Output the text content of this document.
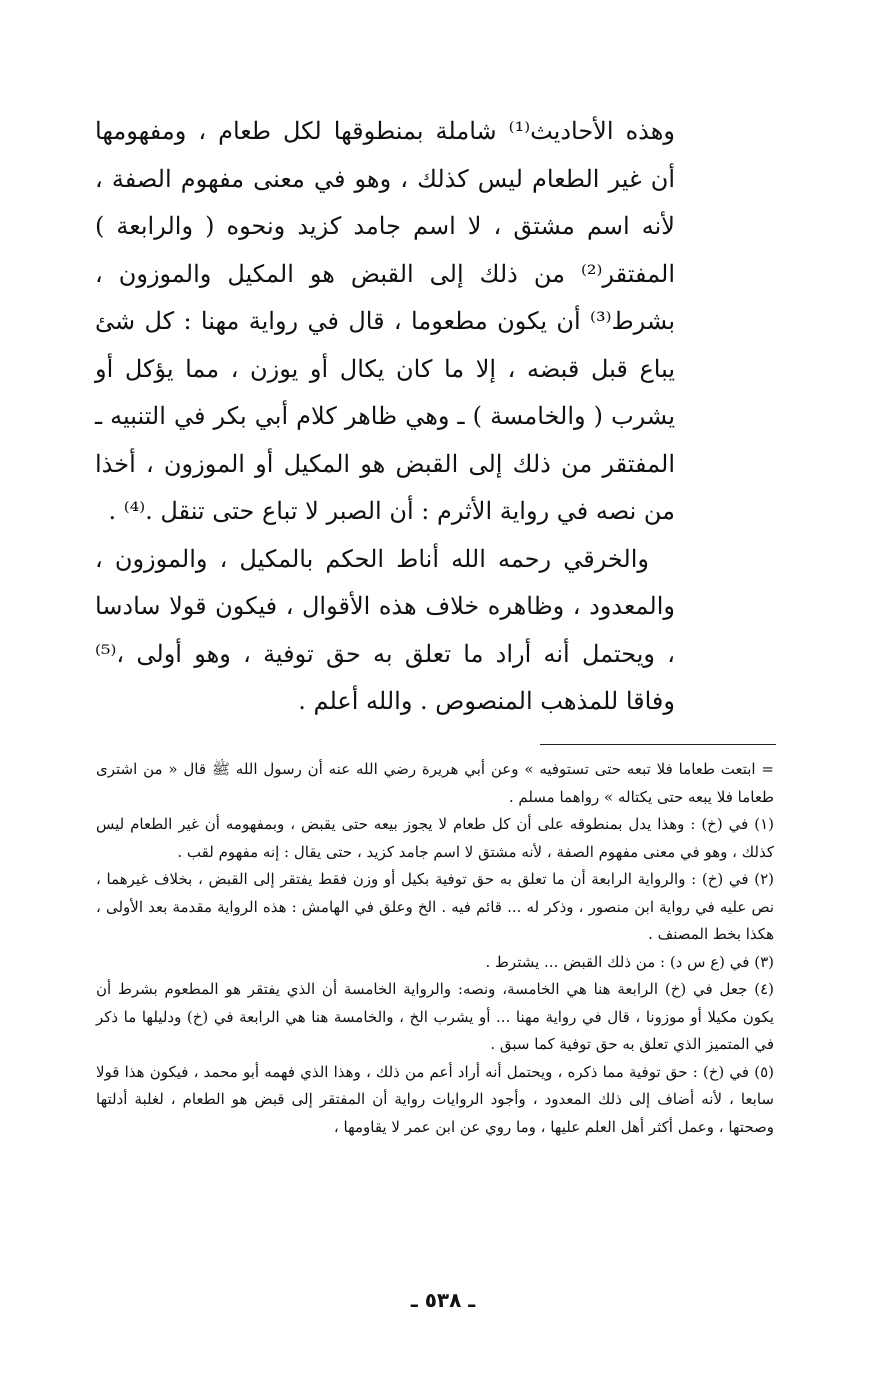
وهذه الأحاديث⁽¹⁾ شاملة بمنطوقها لكل طعام ، ومفهومها أن غير الطعام ليس كذلك ، وهو في معنى مفهوم الصفة ، لأنه اسم مشتق ، لا اسم جامد كزيد ونحوه ( والرابعة ) المفتقر⁽²⁾ من ذلك إلى القبض هو المكيل والموزون ، بشرط⁽³⁾ أن يكون مطعوما ، قال في رواية مهنا : كل شئ يباع قبل قبضه ، إلا ما كان يكال أو يوزن ، مما يؤكل أو يشرب ( والخامسة ) ـ وهي ظاهر كلام أبي بكر في التنبيه ـ المفتقر من ذلك إلى القبض هو المكيل أو الموزون ، أخذا من نصه في رواية الأثرم : أن الصبر لا تباع حتى تنقل .⁽⁴⁾ .

والخرقي رحمه الله أناط الحكم بالمكيل ، والموزون ، والمعدود ، وظاهره خلاف هذه الأقوال ، فيكون قولا سادسا ، ويحتمل أنه أراد ما تعلق به حق توفية ، وهو أولى ،⁽⁵⁾ وفاقا للمذهب المنصوص . والله أعلم .

= ابتعت طعاما فلا تبعه حتى تستوفيه » وعن أبي هريرة رضي الله عنه أن رسول الله ﷺ قال « من اشترى طعاما فلا يبعه حتى يكتاله » رواهما مسلم .

(١) في (خ) : وهذا يدل بمنطوقه على أن كل طعام لا يجوز بيعه حتى يقبض ، وبمفهومه أن غير الطعام ليس كذلك ، وهو في معنى مفهوم الصفة ، لأنه مشتق لا اسم جامد كزيد ، حتى يقال : إنه مفهوم لقب .

(٢) في (خ) : والرواية الرابعة أن ما تعلق به حق توفية بكيل أو وزن فقط يفتقر إلى القبض ، بخلاف غيرهما ، نص عليه في رواية ابن منصور ، وذكر له ... قائم فيه . الخ وعلق في الهامش : هذه الرواية مقدمة بعد الأولى ، هكذا بخط المصنف .

(٣) في (ع س د) : من ذلك القبض ... يشترط .

(٤) جعل في (خ) الرابعة هنا هي الخامسة، ونصه: والرواية الخامسة أن الذي يفتقر هو المطعوم بشرط أن يكون مكيلا أو موزونا ، قال في رواية مهنا ... أو يشرب الخ ، والخامسة هنا هي الرابعة في (خ) ودليلها ما ذكر في المتميز الذي تعلق به حق توفية كما سبق .

(٥) في (خ) : حق توفية مما ذكره ، ويحتمل أنه أراد أعم من ذلك ، وهذا الذي فهمه أبو محمد ، فيكون هذا قولا سابعا ، لأنه أضاف إلى ذلك المعدود ، وأجود الروايات رواية أن المفتقر إلى قبض هو الطعام ، لغلبة أدلتها وصحتها ، وعمل أكثر أهل العلم عليها ، وما روي عن ابن عمر لا يقاومها ،

ـ ٥٣٨ ـ
